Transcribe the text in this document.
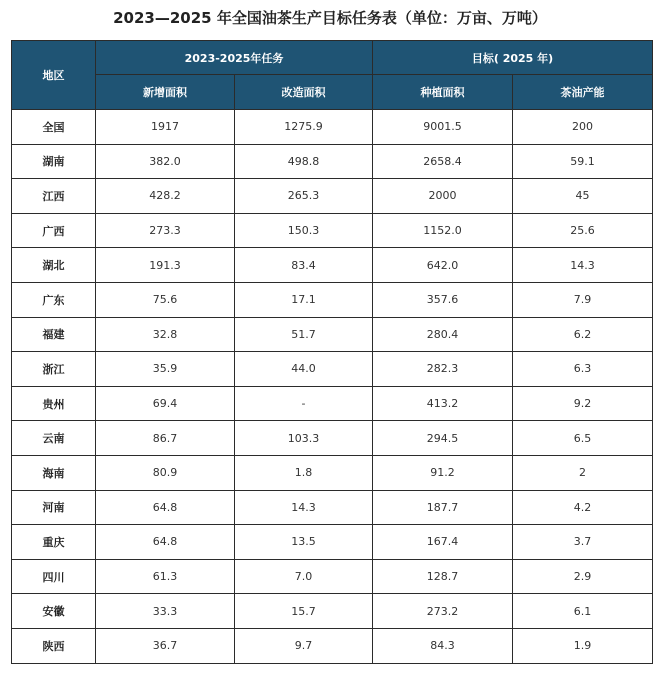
2023—2025 年全国油茶生产目标任务表（单位：万亩、万吨）
地区	2023-2025年任务		目标( 2025 年)	
	新增面积	改造面积	种植面积	茶油产能
全国	1917	1275.9	9001.5	200
湖南	382.0	498.8	2658.4	59.1
江西	428.2	265.3	2000	45
广西	273.3	150.3	1152.0	25.6
湖北	191.3	83.4	642.0	14.3
广东	75.6	17.1	357.6	7.9
福建	32.8	51.7	280.4	6.2
浙江	35.9	44.0	282.3	6.3
贵州	69.4	-	413.2	9.2
云南	86.7	103.3	294.5	6.5
海南	80.9	1.8	91.2	2
河南	64.8	14.3	187.7	4.2
重庆	64.8	13.5	167.4	3.7
四川	61.3	7.0	128.7	2.9
安徽	33.3	15.7	273.2	6.1
陕西	36.7	9.7	84.3	1.9
